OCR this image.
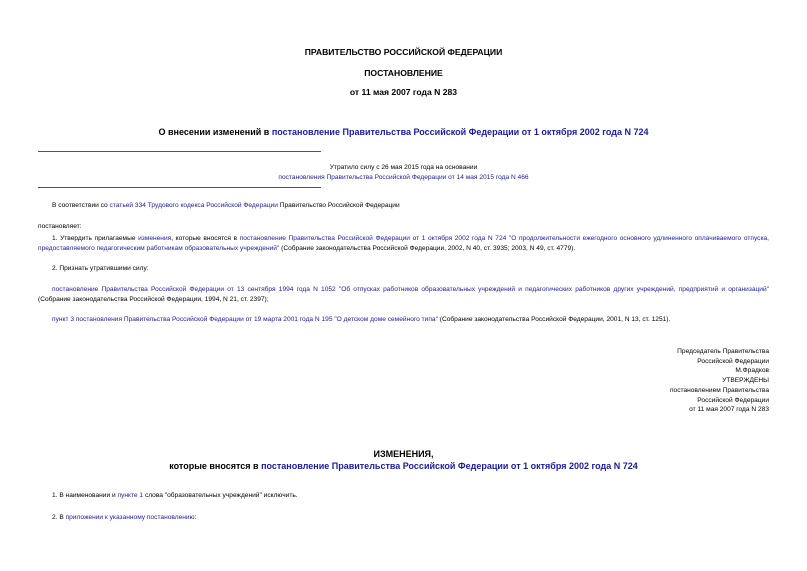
ПРАВИТЕЛЬСТВО РОССИЙСКОЙ ФЕДЕРАЦИИ
ПОСТАНОВЛЕНИЕ
от 11 мая 2007 года N 283
О внесении изменений в постановление Правительства Российской Федерации от 1 октября 2002 года N 724
Утратило силу с 26 мая 2015 года на основании
постановления Правительства Российской Федерации от 14 мая 2015 года N 466
В соответствии со статьей 334 Трудового кодекса Российской Федерации Правительство Российской Федерации
постановляет:
1. Утвердить прилагаемые изменения, которые вносятся в постановление Правительства Российской Федерации от 1 октября 2002 года N 724 "О продолжительности ежегодного основного удлиненного оплачиваемого отпуска, предоставляемого педагогическим работникам образовательных учреждений" (Собрание законодательства Российской Федерации, 2002, N 40, ст. 3935; 2003, N 49, ст. 4779).
2. Признать утратившими силу:
постановление Правительства Российской Федерации от 13 сентября 1994 года N 1052 "Об отпусках работников образовательных учреждений и педагогических работников других учреждений, предприятий и организаций" (Собрание законодательства Российской Федерации, 1994, N 21, ст. 2397);
пункт 3 постановления Правительства Российской Федерации от 19 марта 2001 года N 195 "О детском доме семейного типа" (Собрание законодательства Российской Федерации, 2001, N 13, ст. 1251).
Председатель Правительства
Российской Федерации
М.Фрадков
УТВЕРЖДЕНЫ
постановлением Правительства
Российской Федерации
от 11 мая 2007 года N 283
ИЗМЕНЕНИЯ,
которые вносятся в постановление Правительства Российской Федерации от 1 октября 2002 года N 724
1. В наименовании и пункте 1 слова "образовательных учреждений" исключить.
2. В приложении к указанному постановлению:
